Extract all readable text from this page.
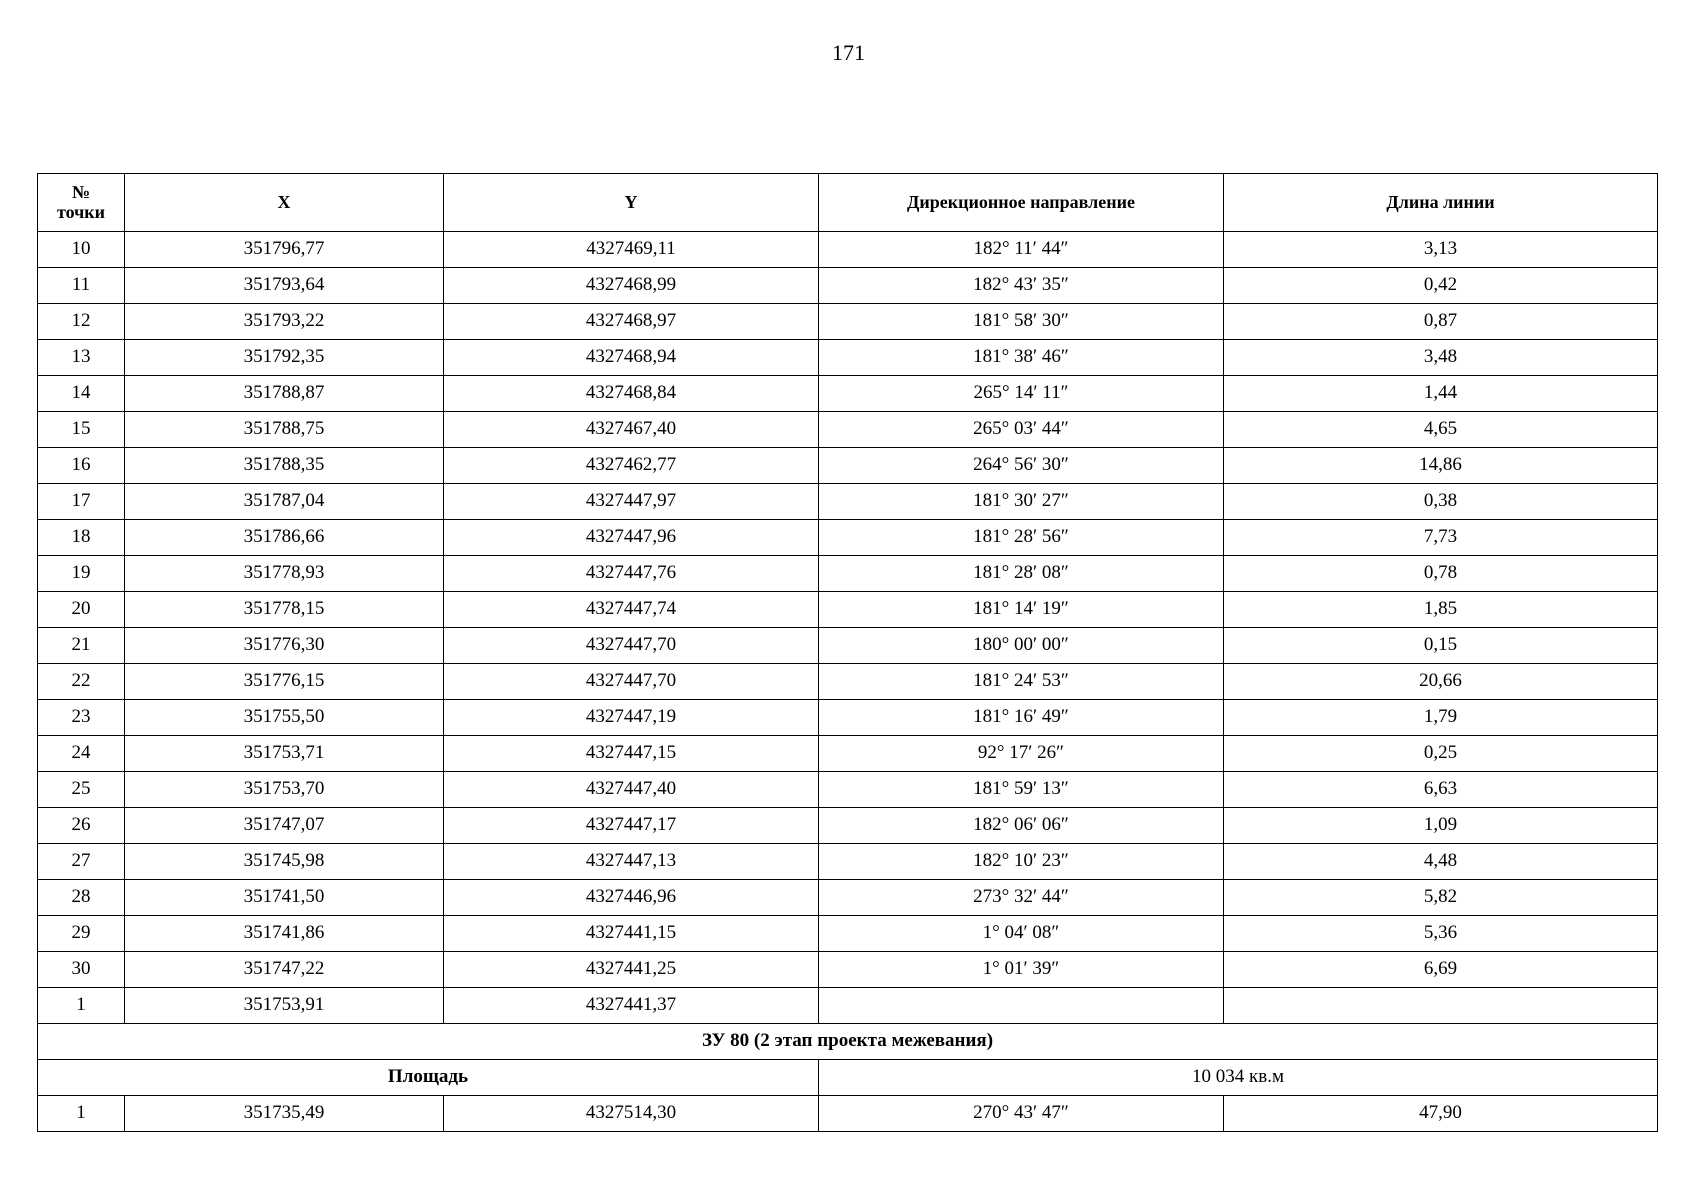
171
№
точки	X	Y	Дирекционное направление	Длина линии
10	351796,77	4327469,11	182° 11′ 44″	3,13
11	351793,64	4327468,99	182° 43′ 35″	0,42
12	351793,22	4327468,97	181° 58′ 30″	0,87
13	351792,35	4327468,94	181° 38′ 46″	3,48
14	351788,87	4327468,84	265° 14′ 11″	1,44
15	351788,75	4327467,40	265° 03′ 44″	4,65
16	351788,35	4327462,77	264° 56′ 30″	14,86
17	351787,04	4327447,97	181° 30′ 27″	0,38
18	351786,66	4327447,96	181° 28′ 56″	7,73
19	351778,93	4327447,76	181° 28′ 08″	0,78
20	351778,15	4327447,74	181° 14′ 19″	1,85
21	351776,30	4327447,70	180° 00′ 00″	0,15
22	351776,15	4327447,70	181° 24′ 53″	20,66
23	351755,50	4327447,19	181° 16′ 49″	1,79
24	351753,71	4327447,15	92° 17′ 26″	0,25
25	351753,70	4327447,40	181° 59′ 13″	6,63
26	351747,07	4327447,17	182° 06′ 06″	1,09
27	351745,98	4327447,13	182° 10′ 23″	4,48
28	351741,50	4327446,96	273° 32′ 44″	5,82
29	351741,86	4327441,15	1° 04′ 08″	5,36
30	351747,22	4327441,25	1° 01′ 39″	6,69
1	351753,91	4327441,37		
ЗУ 80 (2 этап проекта межевания)				
Площадь			10 034 кв.м	
1	351735,49	4327514,30	270° 43′ 47″	47,90
